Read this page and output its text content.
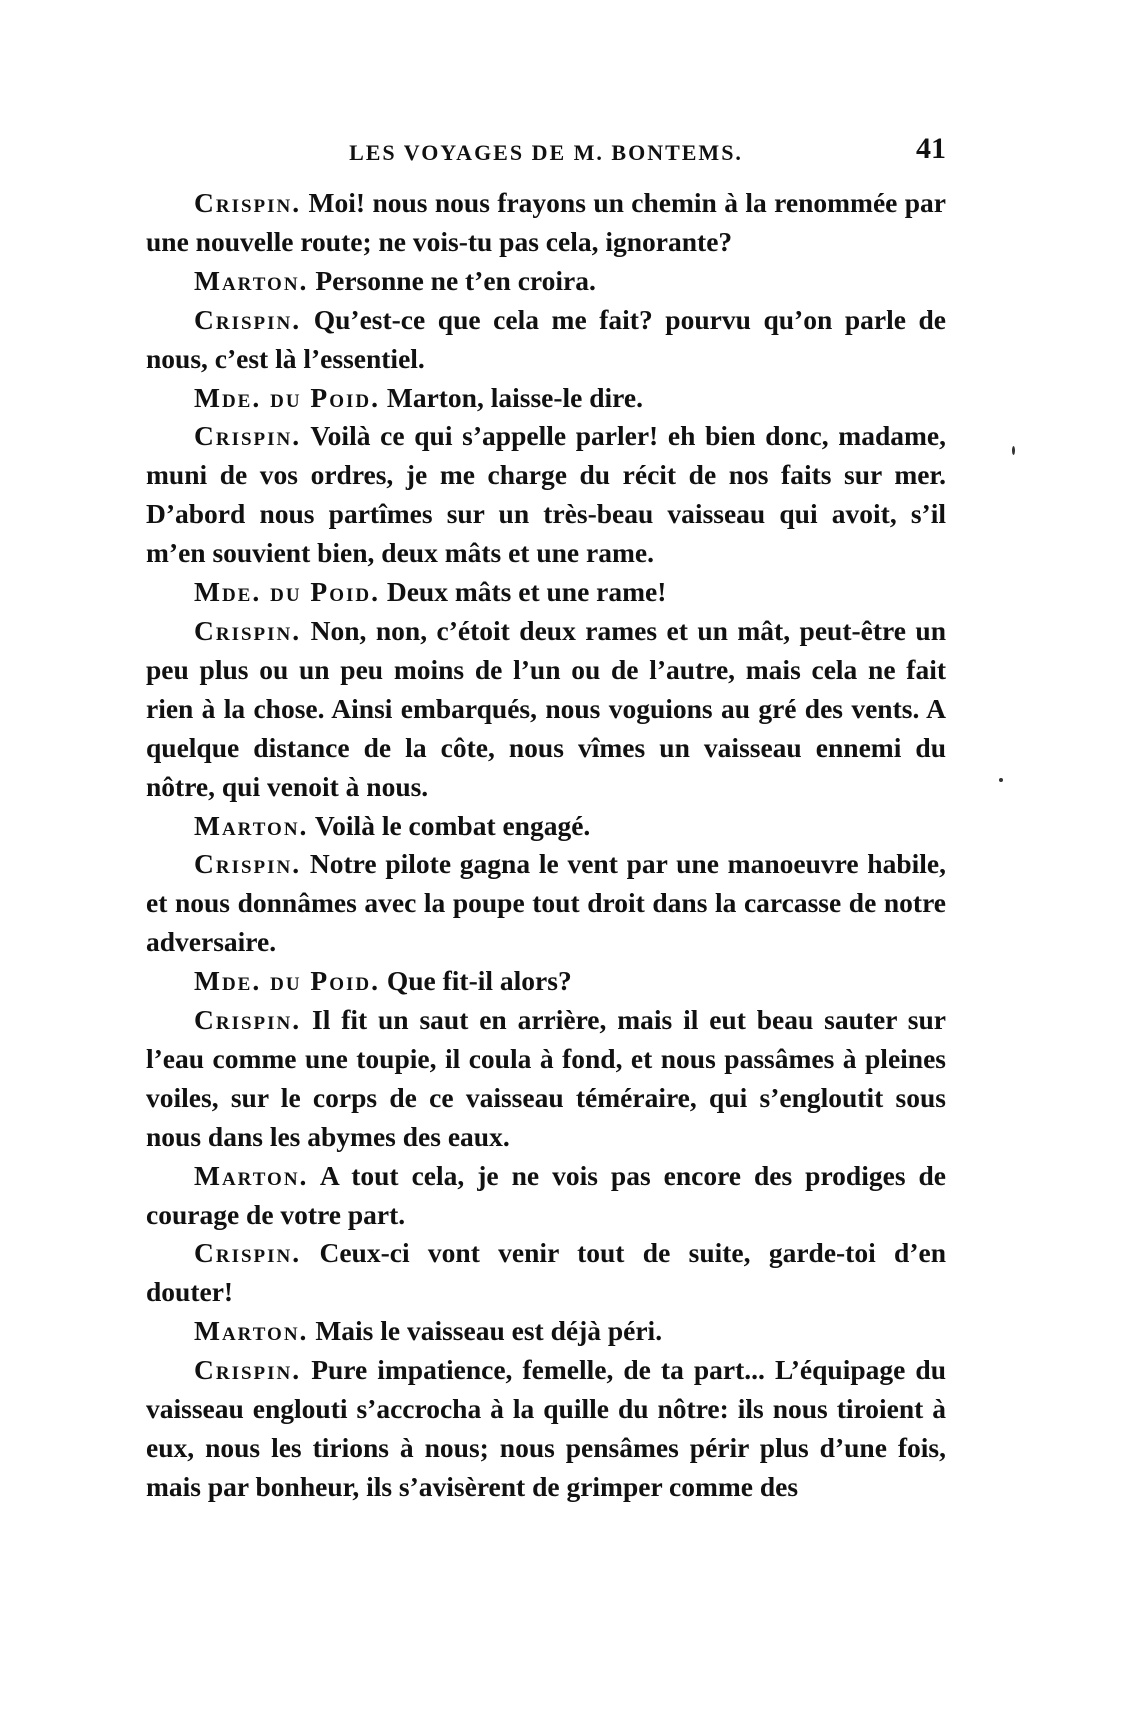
LES VOYAGES DE M. BONTEMS.	41

Crispin. Moi! nous nous frayons un chemin à la renommée par une nouvelle route; ne vois-tu pas cela, ignorante?

Marton. Personne ne t’en croira.

Crispin. Qu’est-ce que cela me fait? pourvu qu’on parle de nous, c’est là l’essentiel.

Mde. du Poid. Marton, laisse-le dire.

Crispin. Voilà ce qui s’appelle parler! eh bien donc, madame, muni de vos ordres, je me charge du récit de nos faits sur mer. D’abord nous partîmes sur un très-beau vaisseau qui avoit, s’il m’en souvient bien, deux mâts et une rame.

Mde. du Poid. Deux mâts et une rame!

Crispin. Non, non, c’étoit deux rames et un mât, peut-être un peu plus ou un peu moins de l’un ou de l’autre, mais cela ne fait rien à la chose. Ainsi embarqués, nous voguions au gré des vents. A quelque distance de la côte, nous vîmes un vaisseau ennemi du nôtre, qui venoit à nous.

Marton. Voilà le combat engagé.

Crispin. Notre pilote gagna le vent par une manoeuvre habile, et nous donnâmes avec la poupe tout droit dans la carcasse de notre adversaire.

Mde. du Poid. Que fit-il alors?

Crispin. Il fit un saut en arrière, mais il eut beau sauter sur l’eau comme une toupie, il coula à fond, et nous passâmes à pleines voiles, sur le corps de ce vaisseau téméraire, qui s’engloutit sous nous dans les abymes des eaux.

Marton. A tout cela, je ne vois pas encore des prodiges de courage de votre part.

Crispin. Ceux-ci vont venir tout de suite, garde-toi d’en douter!

Marton. Mais le vaisseau est déjà péri.

Crispin. Pure impatience, femelle, de ta part... L’équipage du vaisseau englouti s’accrocha à la quille du nôtre: ils nous tiroient à eux, nous les tirions à nous; nous pensâmes périr plus d’une fois, mais par bonheur, ils s’avisèrent de grimper comme des
